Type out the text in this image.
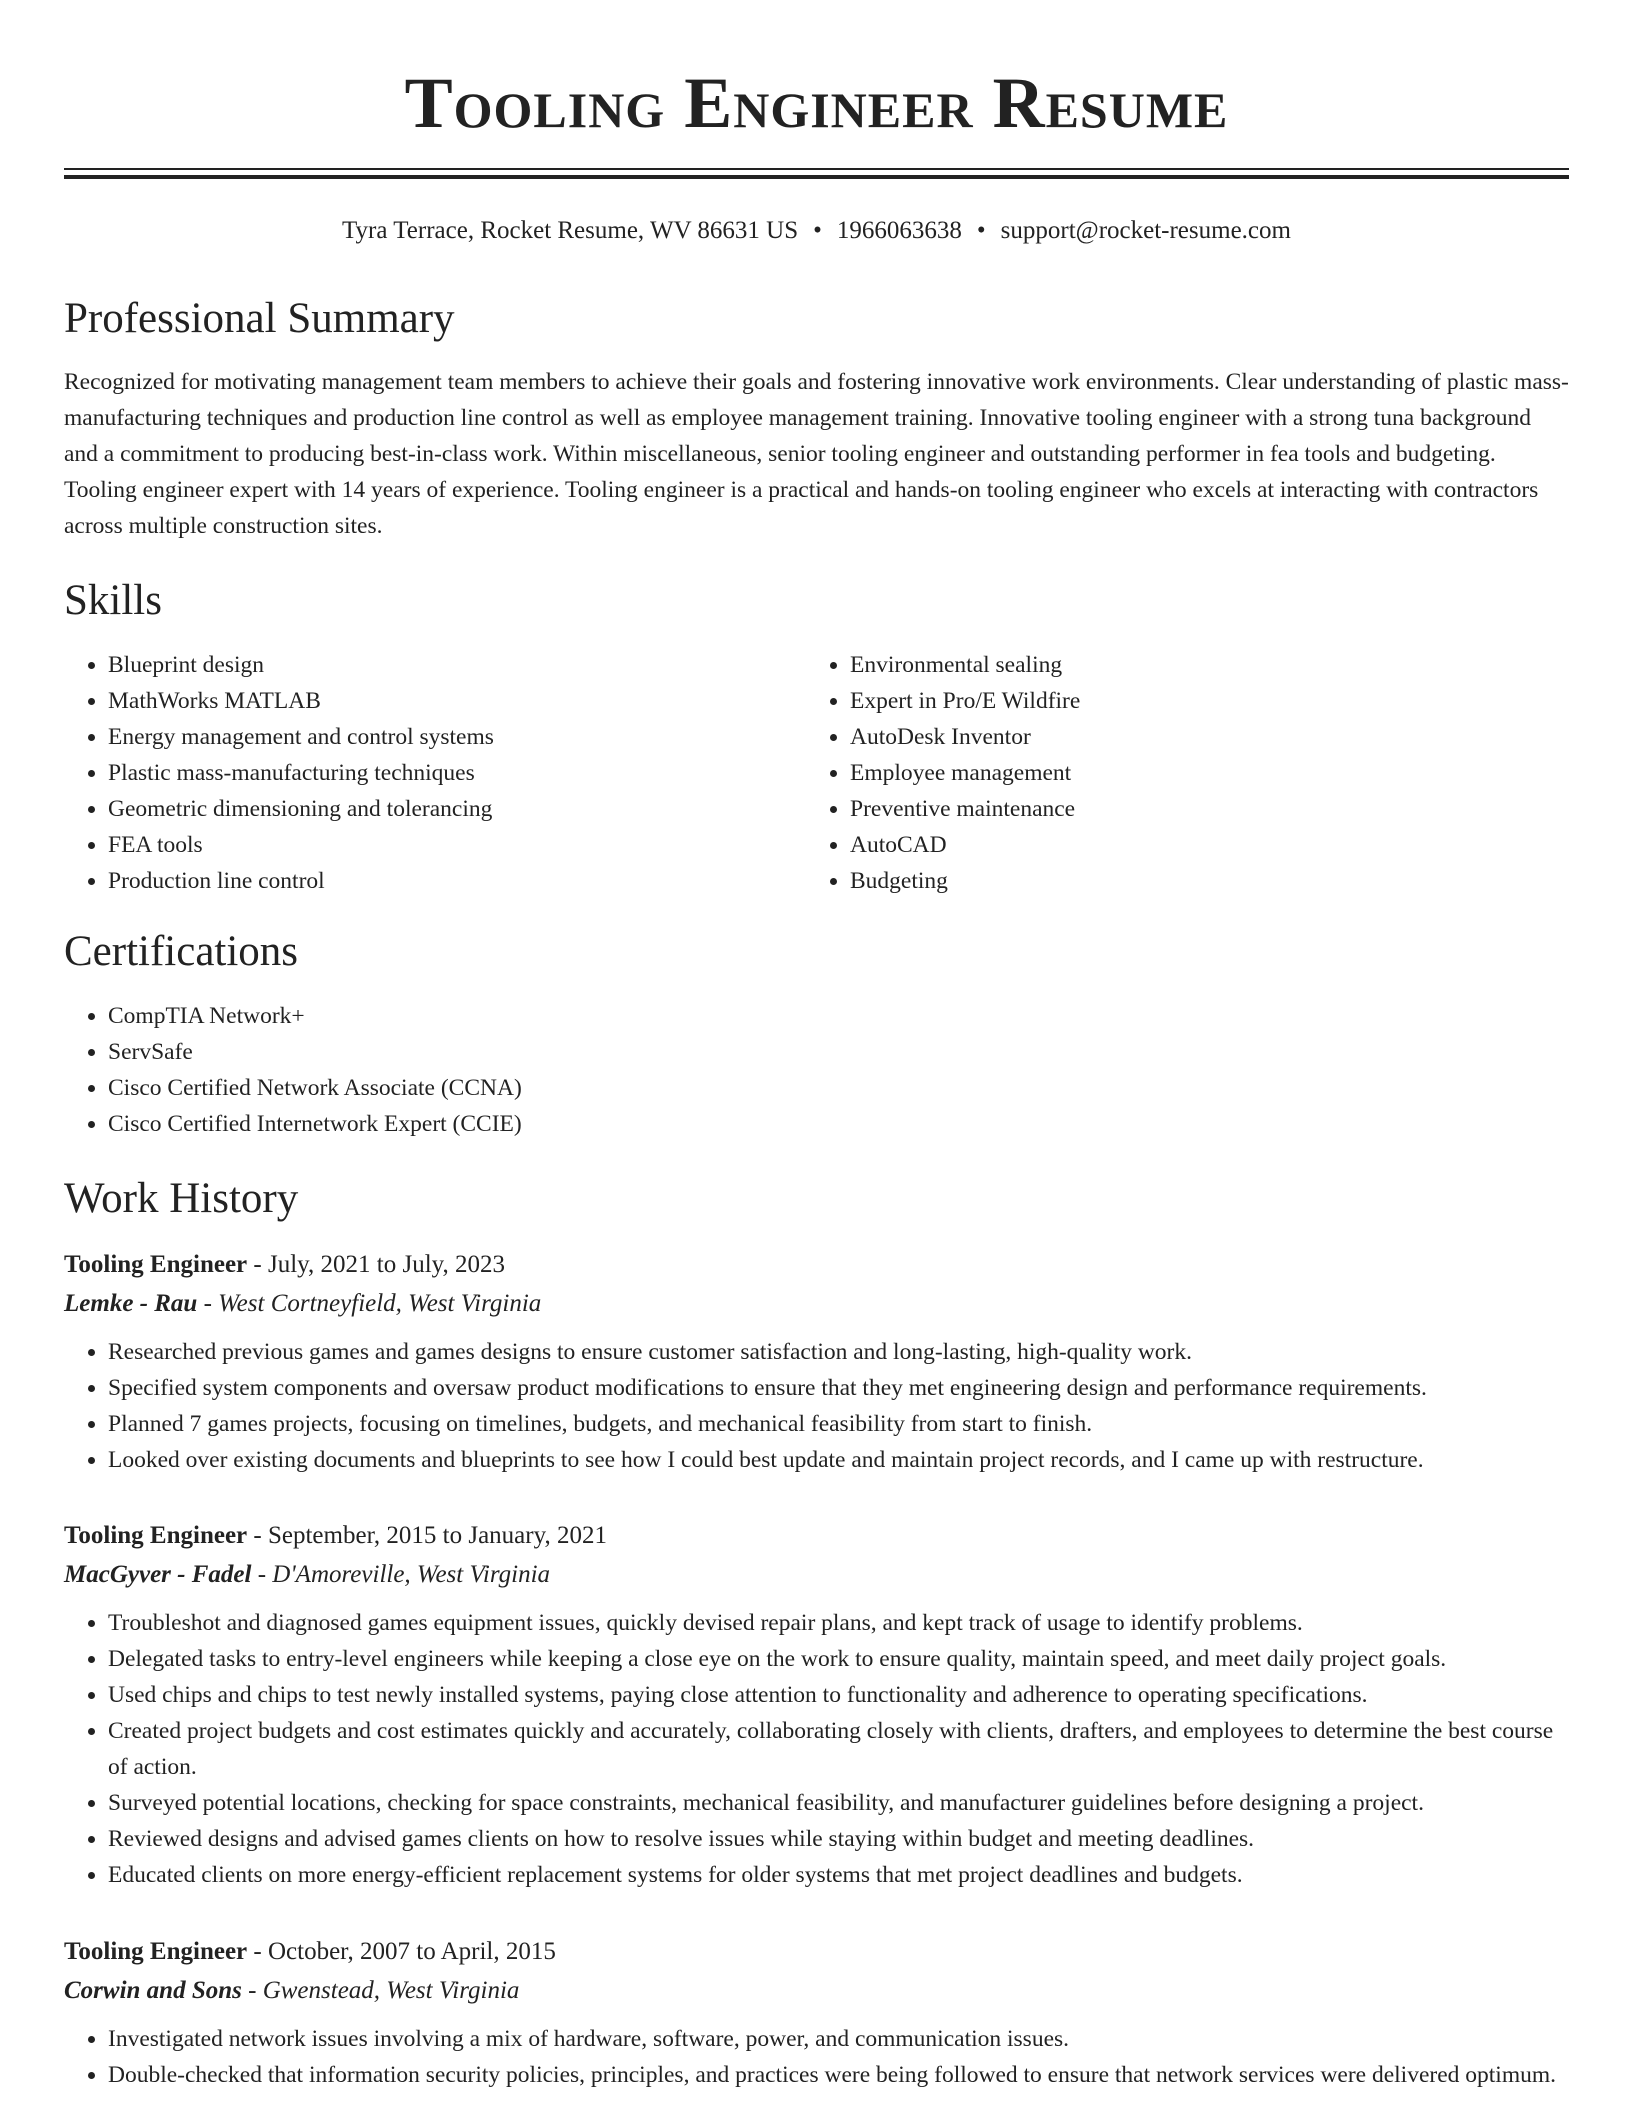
Tooling Engineer Resume
Tyra Terrace, Rocket Resume, WV 86631 US • 1966063638 • support@rocket-resume.com
Professional Summary

Recognized for motivating management team members to achieve their goals and fostering innovative work environments. Clear understanding of plastic mass-manufacturing techniques and production line control as well as employee management training. Innovative tooling engineer with a strong tuna background and a commitment to producing best-in-class work. Within miscellaneous, senior tooling engineer and outstanding performer in fea tools and budgeting. Tooling engineer expert with 14 years of experience. Tooling engineer is a practical and hands-on tooling engineer who excels at interacting with contractors across multiple construction sites.

Skills
• Blueprint design
• MathWorks MATLAB
• Energy management and control systems
• Plastic mass-manufacturing techniques
• Geometric dimensioning and tolerancing
• FEA tools
• Production line control
• Environmental sealing
• Expert in Pro/E Wildfire
• AutoDesk Inventor
• Employee management
• Preventive maintenance
• AutoCAD
• Budgeting
Certifications
• CompTIA Network+
• ServSafe
• Cisco Certified Network Associate (CCNA)
• Cisco Certified Internetwork Expert (CCIE)
Work History
Tooling Engineer - July, 2021 to July, 2023
Lemke - Rau - West Cortneyfield, West Virginia
• Researched previous games and games designs to ensure customer satisfaction and long-lasting, high-quality work.
• Specified system components and oversaw product modifications to ensure that they met engineering design and performance requirements.
• Planned 7 games projects, focusing on timelines, budgets, and mechanical feasibility from start to finish.
• Looked over existing documents and blueprints to see how I could best update and maintain project records, and I came up with restructure.
Tooling Engineer - September, 2015 to January, 2021
MacGyver - Fadel - D'Amoreville, West Virginia
• Troubleshot and diagnosed games equipment issues, quickly devised repair plans, and kept track of usage to identify problems.
• Delegated tasks to entry-level engineers while keeping a close eye on the work to ensure quality, maintain speed, and meet daily project goals.
• Used chips and chips to test newly installed systems, paying close attention to functionality and adherence to operating specifications.
• Created project budgets and cost estimates quickly and accurately, collaborating closely with clients, drafters, and employees to determine the best course of action.
• Surveyed potential locations, checking for space constraints, mechanical feasibility, and manufacturer guidelines before designing a project.
• Reviewed designs and advised games clients on how to resolve issues while staying within budget and meeting deadlines.
• Educated clients on more energy-efficient replacement systems for older systems that met project deadlines and budgets.
Tooling Engineer - October, 2007 to April, 2015
Corwin and Sons - Gwenstead, West Virginia
• Investigated network issues involving a mix of hardware, software, power, and communication issues.
• Double-checked that information security policies, principles, and practices were being followed to ensure that network services were delivered optimum.
